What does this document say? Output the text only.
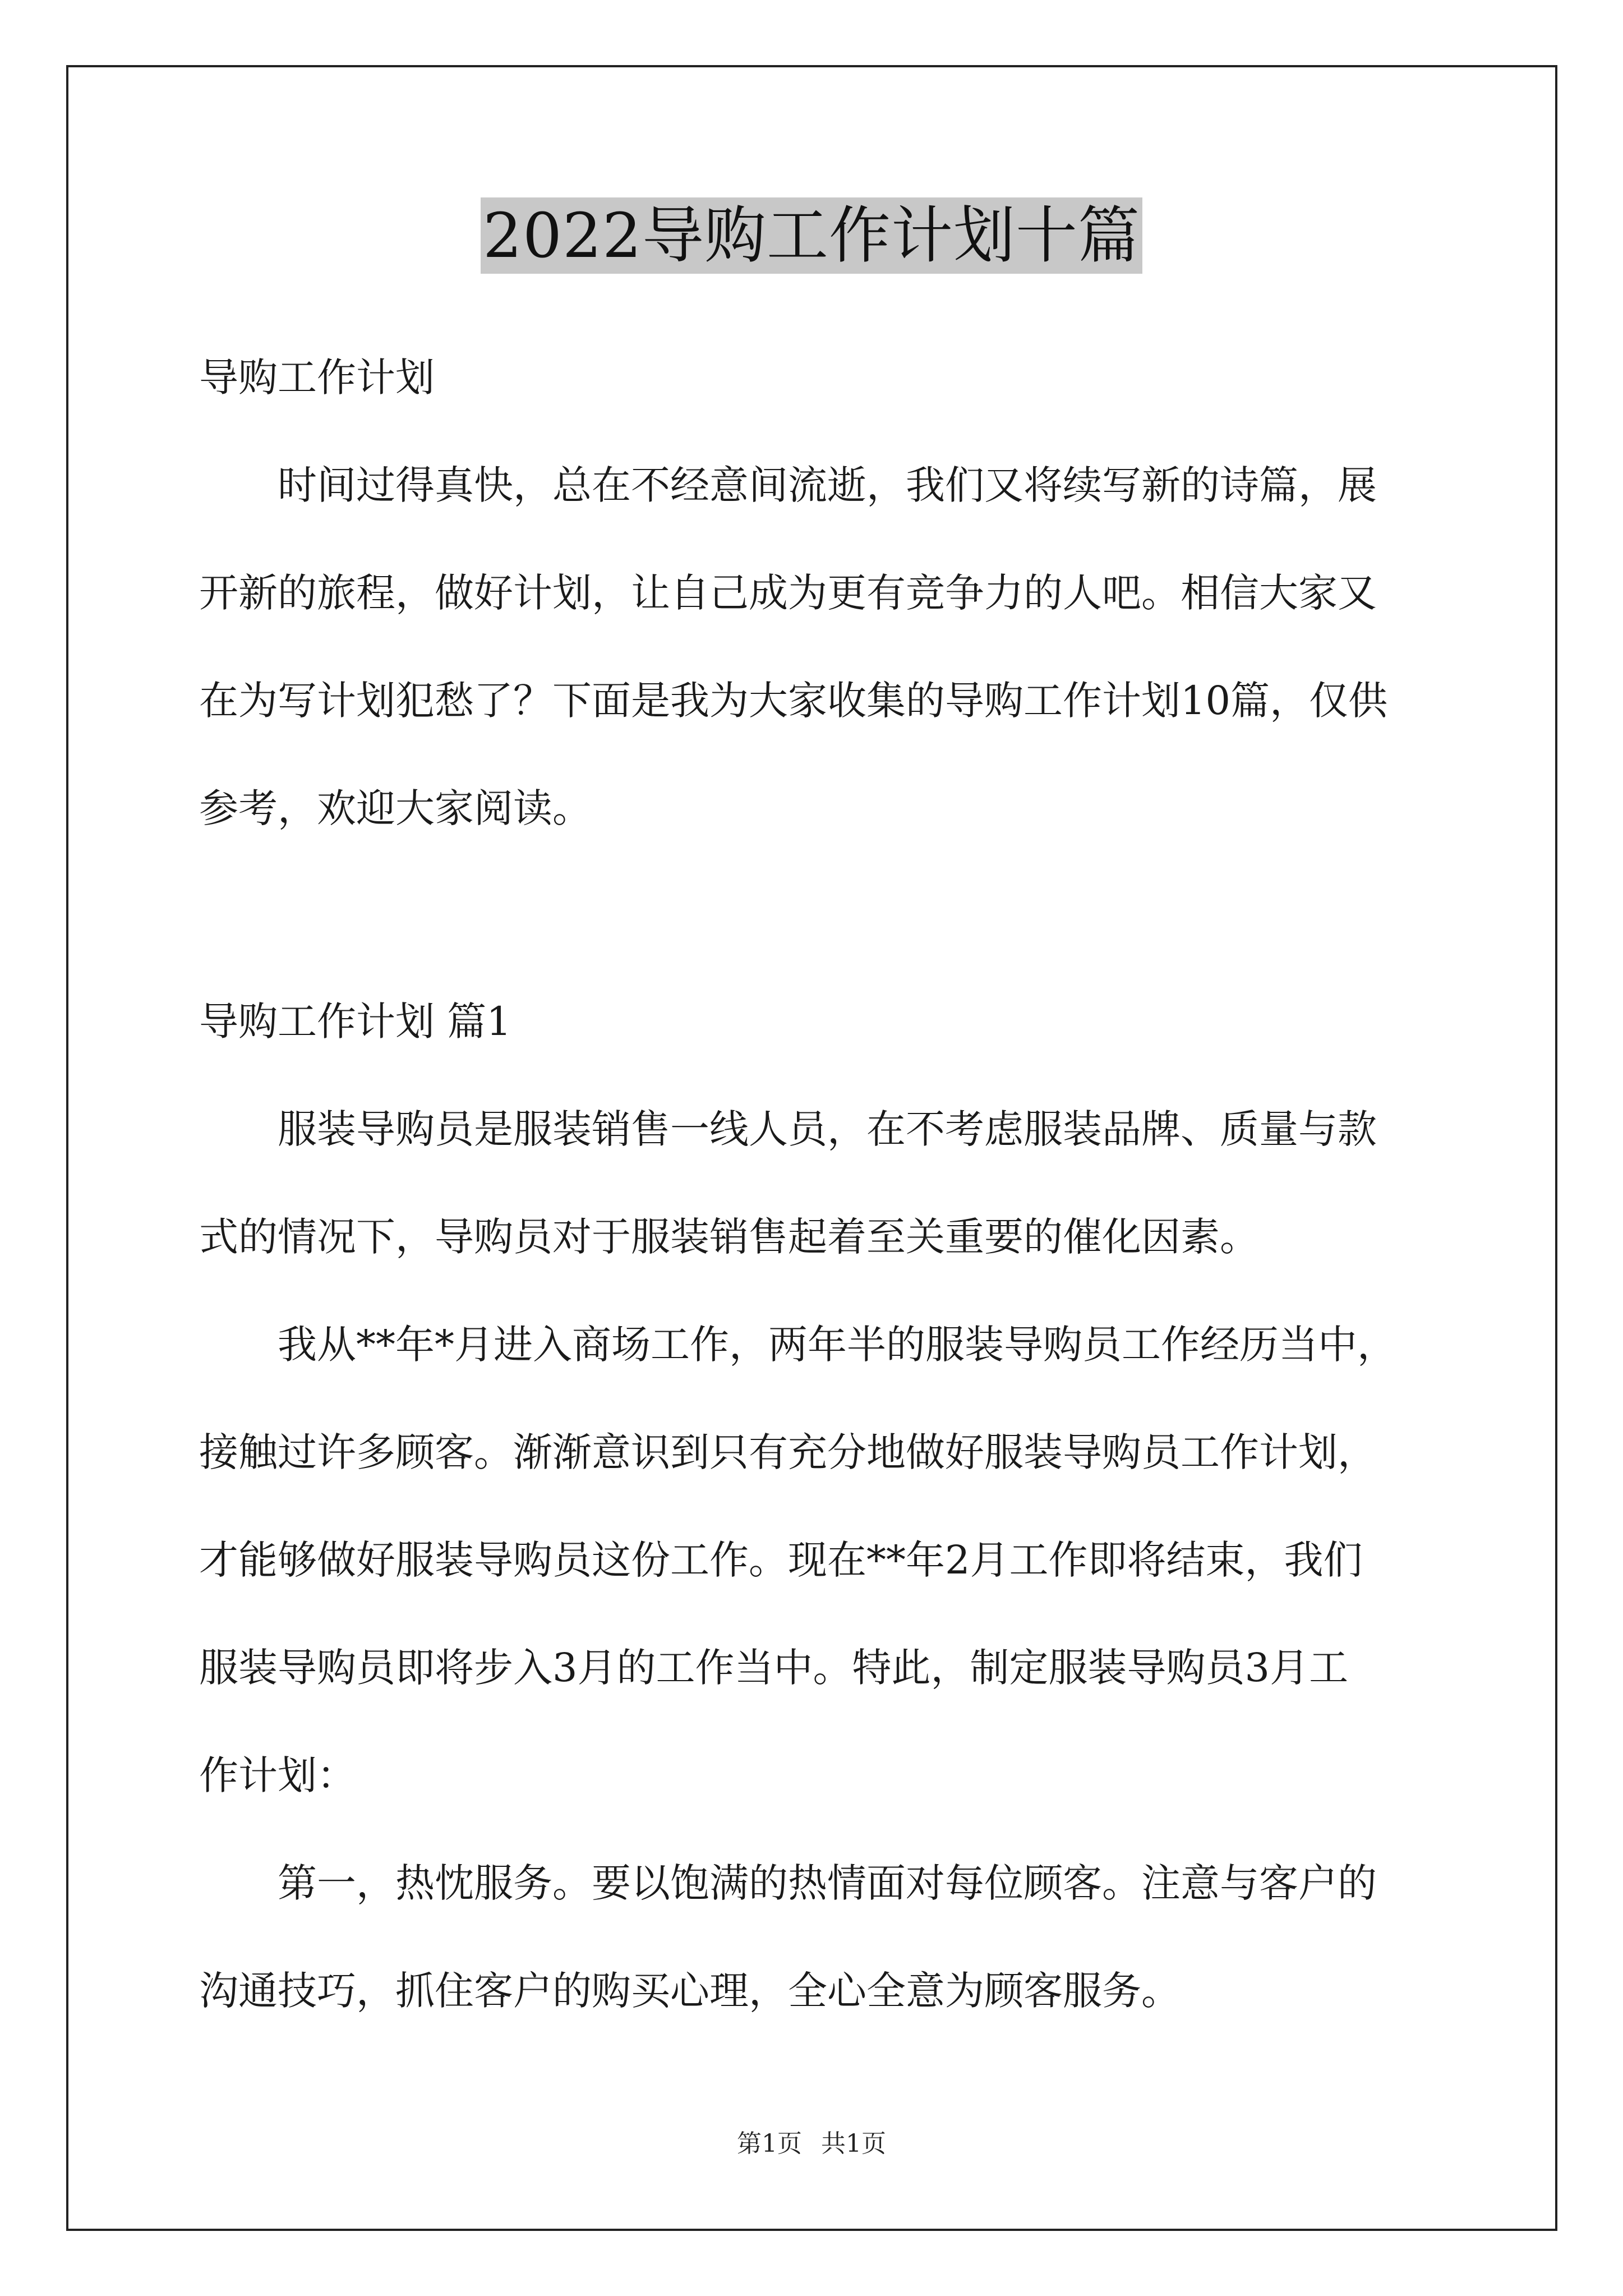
2022导购工作计划十篇
导购工作计划
时间过得真快，总在不经意间流逝，我们又将续写新的诗篇，展
开新的旅程，做好计划，让自己成为更有竞争力的人吧。相信大家又
在为写计划犯愁了？下面是我为大家收集的导购工作计划10篇，仅供
参考，欢迎大家阅读。
导购工作计划 篇1
服装导购员是服装销售一线人员，在不考虑服装品牌、质量与款
式的情况下，导购员对于服装销售起着至关重要的催化因素。
我从**年*月进入商场工作，两年半的服装导购员工作经历当中，
接触过许多顾客。渐渐意识到只有充分地做好服装导购员工作计划，
才能够做好服装导购员这份工作。现在**年2月工作即将结束，我们
服装导购员即将步入3月的工作当中。特此，制定服装导购员3月工
作计划：
第一，热忱服务。要以饱满的热情面对每位顾客。注意与客户的
沟通技巧，抓住客户的购买心理，全心全意为顾客服务。
第1页 共1页
